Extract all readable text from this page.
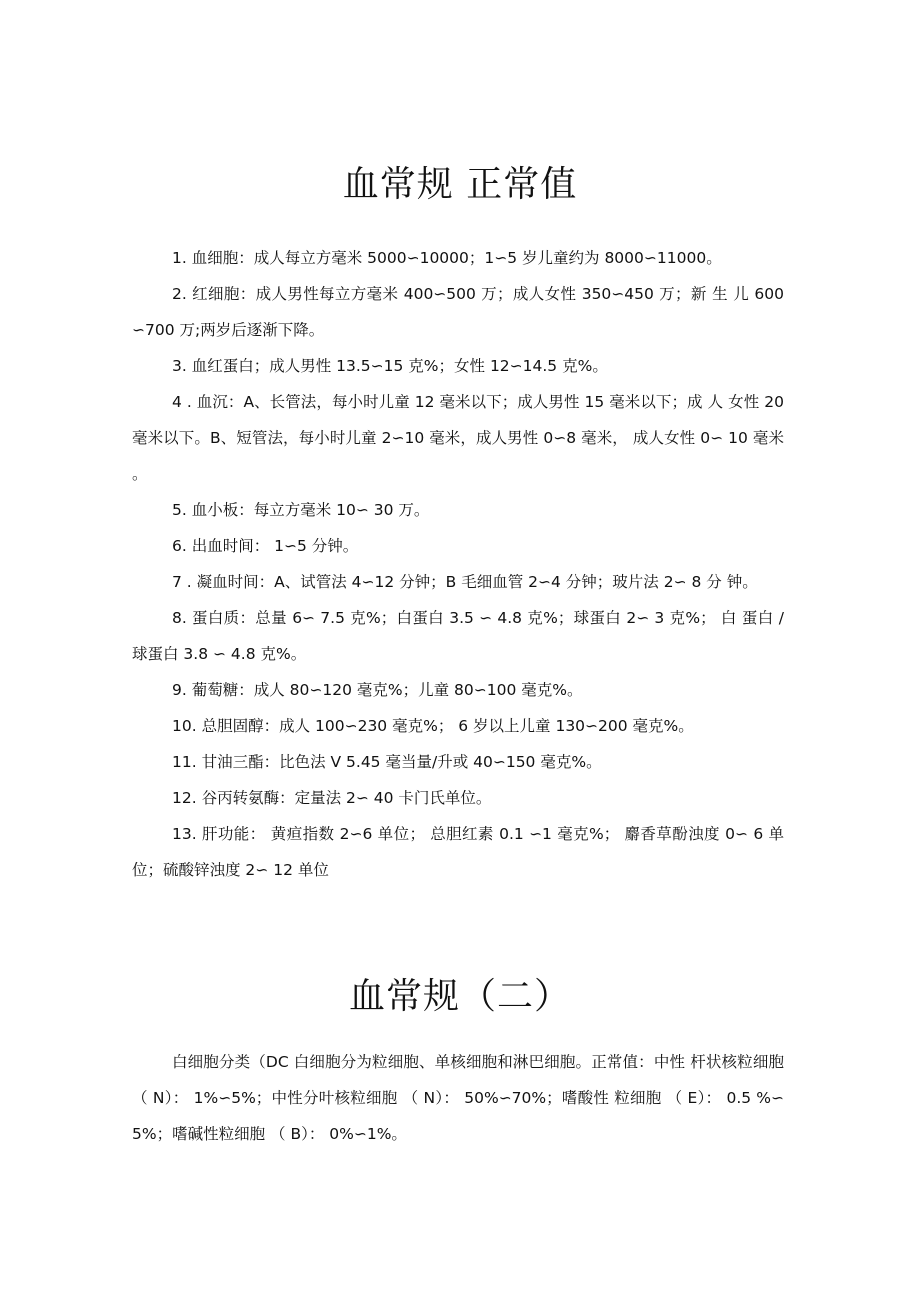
血常规 正常值

1. 血细胞：成人每立方毫米 5000∽10000；1∽5 岁儿童约为 8000∽11000。

2. 红细胞：成人男性每立方毫米 400∽500 万；成人女性 350∽450 万；新 生 儿 600∽700 万;两岁后逐渐下降。

3. 血红蛋白；成人男性 13.5∽15 克%；女性 12∽14.5 克%。

4 . 血沉：A、长管法，每小时儿童 12 毫米以下；成人男性 15 毫米以下；成 人 女性 20 毫米以下。B、短管法，每小时儿童 2∽10 毫米，成人男性 0∽8 毫米， 成人女性 0∽ 10 毫米 。

5. 血小板：每立方毫米 10∽ 30 万。

6. 出血时间： 1∽5 分钟。

7 . 凝血时间：A、试管法 4∽12 分钟；B 毛细血管 2∽4 分钟；玻片法 2∽ 8 分 钟。

8. 蛋白质：总量 6∽ 7.5 克%；白蛋白 3.5 ∽ 4.8 克%；球蛋白 2∽ 3 克%； 白 蛋白 / 球蛋白 3.8 ∽ 4.8 克%。

9. 葡萄糖：成人 80∽120 毫克%；儿童 80∽100 毫克%。

10. 总胆固醇：成人 100∽230 毫克%； 6 岁以上儿童 130∽200 毫克%。

11. 甘油三酯：比色法 V 5.45 毫当量/升或 40∽150 毫克%。

12. 谷丙转氨酶：定量法 2∽ 40 卡门氏单位。

13. 肝功能： 黄疸指数 2∽6 单位； 总胆红素 0.1 ∽1 毫克%； 麝香草酚浊度 0∽ 6 单位；硫酸锌浊度 2∽ 12 单位

血常规（二）

白细胞分类（DC 白细胞分为粒细胞、单核细胞和淋巴细胞。正常值：中性 杆状核粒细胞 （ N）： 1%∽5%；中性分叶核粒细胞 （ N）： 50%∽70%；嗜酸性 粒细胞 （ E）： 0.5 %∽5%；嗜碱性粒细胞 （ B）： 0%∽1%。
